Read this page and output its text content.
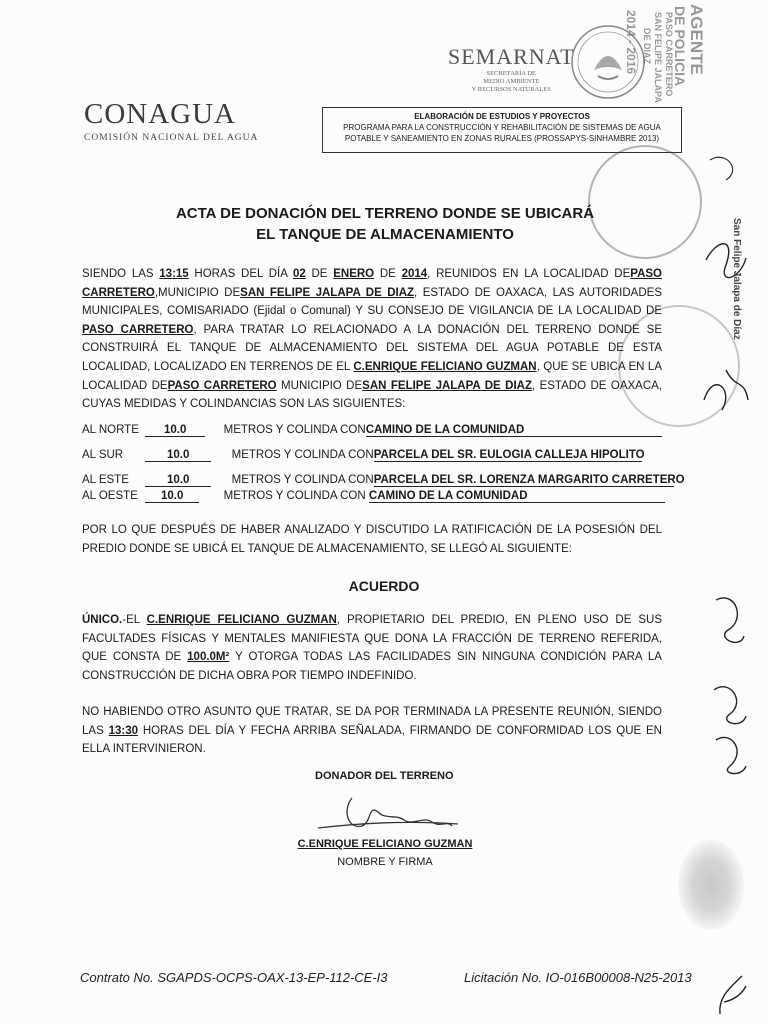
CONAGUA
COMISIÓN NACIONAL DEL AGUA
SEMARNAT
SECRETARÍA DE
MEDIO AMBIENTE
Y RECURSOS NATURALES
AGENTE
DE POLICIA
PASO CARRETERO
SAN FELIPE JALAPA
DE DIAZ
2014 - 2016
San Felipe Jalapa de Díaz
ELABORACIÓN DE ESTUDIOS Y PROYECTOS
PROGRAMA PARA LA CONSTRUCCIÓN Y REHABILITACIÓN DE SISTEMAS DE AGUA
POTABLE Y SANEAMIENTO EN ZONAS RURALES (PROSSAPYS-SINHAMBRE 2013)
ACTA DE DONACIÓN DEL TERRENO DONDE SE UBICARÁ
EL TANQUE DE ALMACENAMIENTO
SIENDO LAS 13:15 HORAS DEL DÍA 02 DE ENERO DE 2014, REUNIDOS EN LA LOCALIDAD DEPASO CARRETERO,MUNICIPIO DESAN FELIPE JALAPA DE DIAZ, ESTADO DE OAXACA, LAS AUTORIDADES MUNICIPALES, COMISARIADO (Ejidal o Comunal) Y SU CONSEJO DE VIGILANCIA DE LA LOCALIDAD DE PASO CARRETERO, PARA TRATAR LO RELACIONADO A LA DONACIÓN DEL TERRENO DONDE SE CONSTRUIRÁ EL TANQUE DE ALMACENAMIENTO DEL SISTEMA DEL AGUA POTABLE DE ESTA LOCALIDAD, LOCALIZADO EN TERRENOS DE EL C.ENRIQUE FELICIANO GUZMAN, QUE SE UBICA EN LA LOCALIDAD DEPASO CARRETERO MUNICIPIO DESAN FELIPE JALAPA DE DIAZ, ESTADO DE OAXACA, CUYAS MEDIDAS Y COLINDANCIAS SON LAS SIGUIENTES:
AL NORTE 10.0	METROS Y COLINDA CONCAMINO DE LA COMUNIDAD
AL SUR	10.0	METROS Y COLINDA CONPARCELA DEL SR. EULOGIA CALLEJA HIPOLITO
AL ESTE	10.0	METROS Y COLINDA CONPARCELA DEL SR. LORENZA MARGARITO CARRETERO
AL OESTE 10.0	METROS Y COLINDA CON CAMINO DE LA COMUNIDAD
POR LO QUE DESPUÉS DE HABER ANALIZADO Y DISCUTIDO LA RATIFICACIÓN DE LA POSESIÓN DEL PREDIO DONDE SE UBICÁ EL TANQUE DE ALMACENAMIENTO, SE LLEGÓ AL SIGUIENTE:
ACUERDO
ÚNICO.-EL C.ENRIQUE FELICIANO GUZMAN, PROPIETARIO DEL PREDIO, EN PLENO USO DE SUS FACULTADES FÍSICAS Y MENTALES MANIFIESTA QUE DONA LA FRACCIÓN DE TERRENO REFERIDA, QUE CONSTA DE 100.0M² Y OTORGA TODAS LAS FACILIDADES SIN NINGUNA CONDICIÓN PARA LA CONSTRUCCIÓN DE DICHA OBRA POR TIEMPO INDEFINIDO.
NO HABIENDO OTRO ASUNTO QUE TRATAR, SE DA POR TERMINADA LA PRESENTE REUNIÓN, SIENDO LAS 13:30 HORAS DEL DÍA Y FECHA ARRIBA SEÑALADA, FIRMANDO DE CONFORMIDAD LOS QUE EN ELLA INTERVINIERON.
DONADOR DEL TERRENO
C.ENRIQUE FELICIANO GUZMAN
NOMBRE Y FIRMA
Contrato No. SGAPDS-OCPS-OAX-13-EP-112-CE-I3	Licitación No. IO-016B00008-N25-2013
